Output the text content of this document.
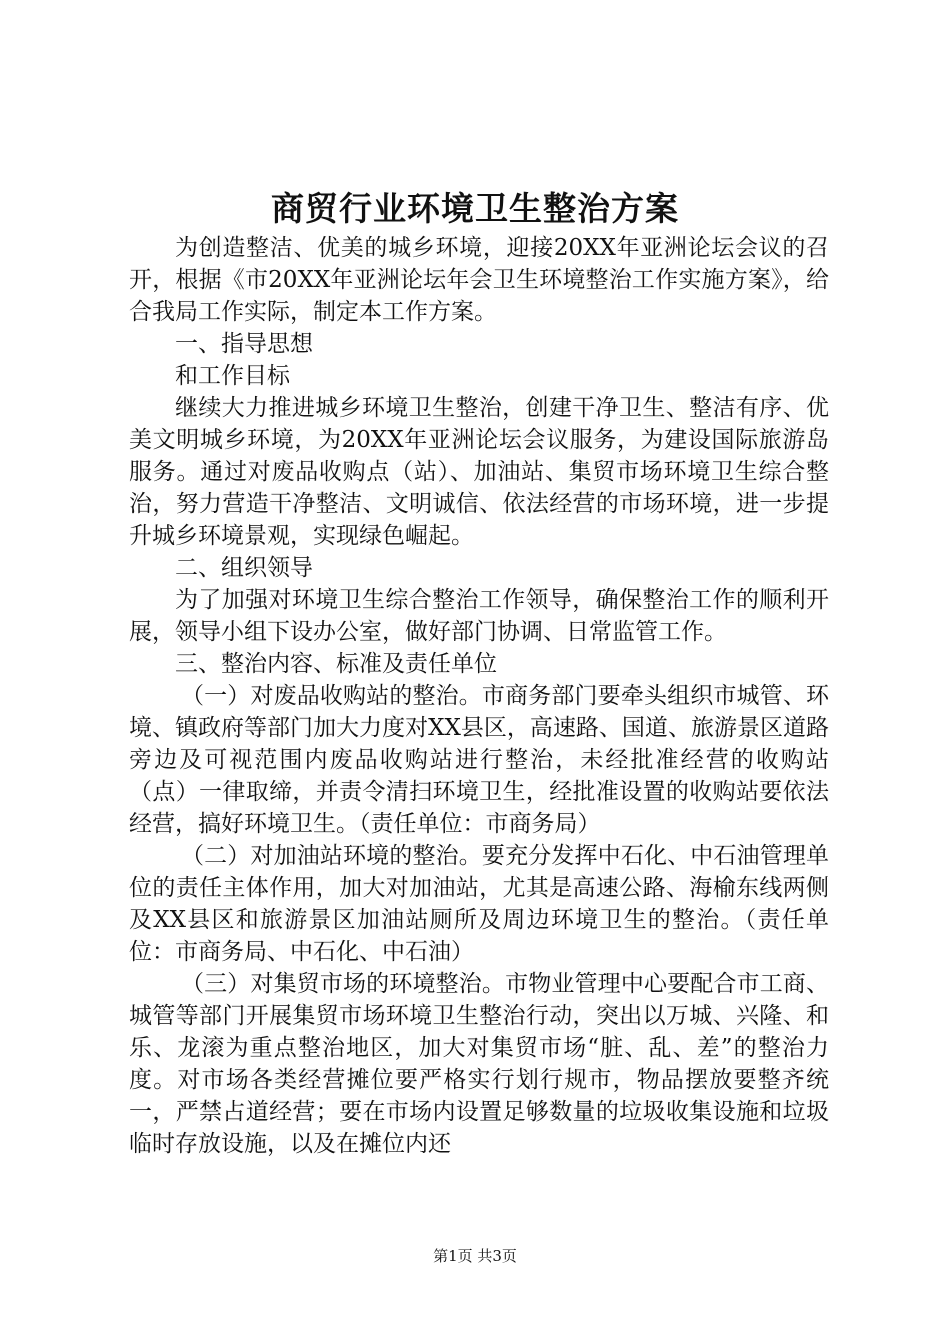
商贸行业环境卫生整治方案

为创造整洁、优美的城乡环境，迎接20XX年亚洲论坛会议的召开，根据《市20XX年亚洲论坛年会卫生环境整治工作实施方案》，给合我局工作实际，制定本工作方案。

一、指导思想

和工作目标

继续大力推进城乡环境卫生整治，创建干净卫生、整洁有序、优美文明城乡环境，为20XX年亚洲论坛会议服务，为建设国际旅游岛服务。通过对废品收购点（站）、加油站、集贸市场环境卫生综合整治，努力营造干净整洁、文明诚信、依法经营的市场环境，进一步提升城乡环境景观，实现绿色崛起。

二、组织领导

为了加强对环境卫生综合整治工作领导，确保整治工作的顺利开展，领导小组下设办公室，做好部门协调、日常监管工作。

三、整治内容、标准及责任单位

（一）对废品收购站的整治。市商务部门要牵头组织市城管、环境、镇政府等部门加大力度对XX县区，高速路、国道、旅游景区道路旁边及可视范围内废品收购站进行整治，未经批准经营的收购站（点）一律取缔，并责令清扫环境卫生，经批准设置的收购站要依法经营，搞好环境卫生。（责任单位：市商务局）

（二）对加油站环境的整治。要充分发挥中石化、中石油管理单位的责任主体作用，加大对加油站，尤其是高速公路、海榆东线两侧及XX县区和旅游景区加油站厕所及周边环境卫生的整治。（责任单位：市商务局、中石化、中石油）

（三）对集贸市场的环境整治。市物业管理中心要配合市工商、城管等部门开展集贸市场环境卫生整治行动，突出以万城、兴隆、和乐、龙滚为重点整治地区，加大对集贸市场“脏、乱、差”的整治力度。对市场各类经营摊位要严格实行划行规市，物品摆放要整齐统一，严禁占道经营；要在市场内设置足够数量的垃圾收集设施和垃圾临时存放设施，以及在摊位内还

第1页 共3页
